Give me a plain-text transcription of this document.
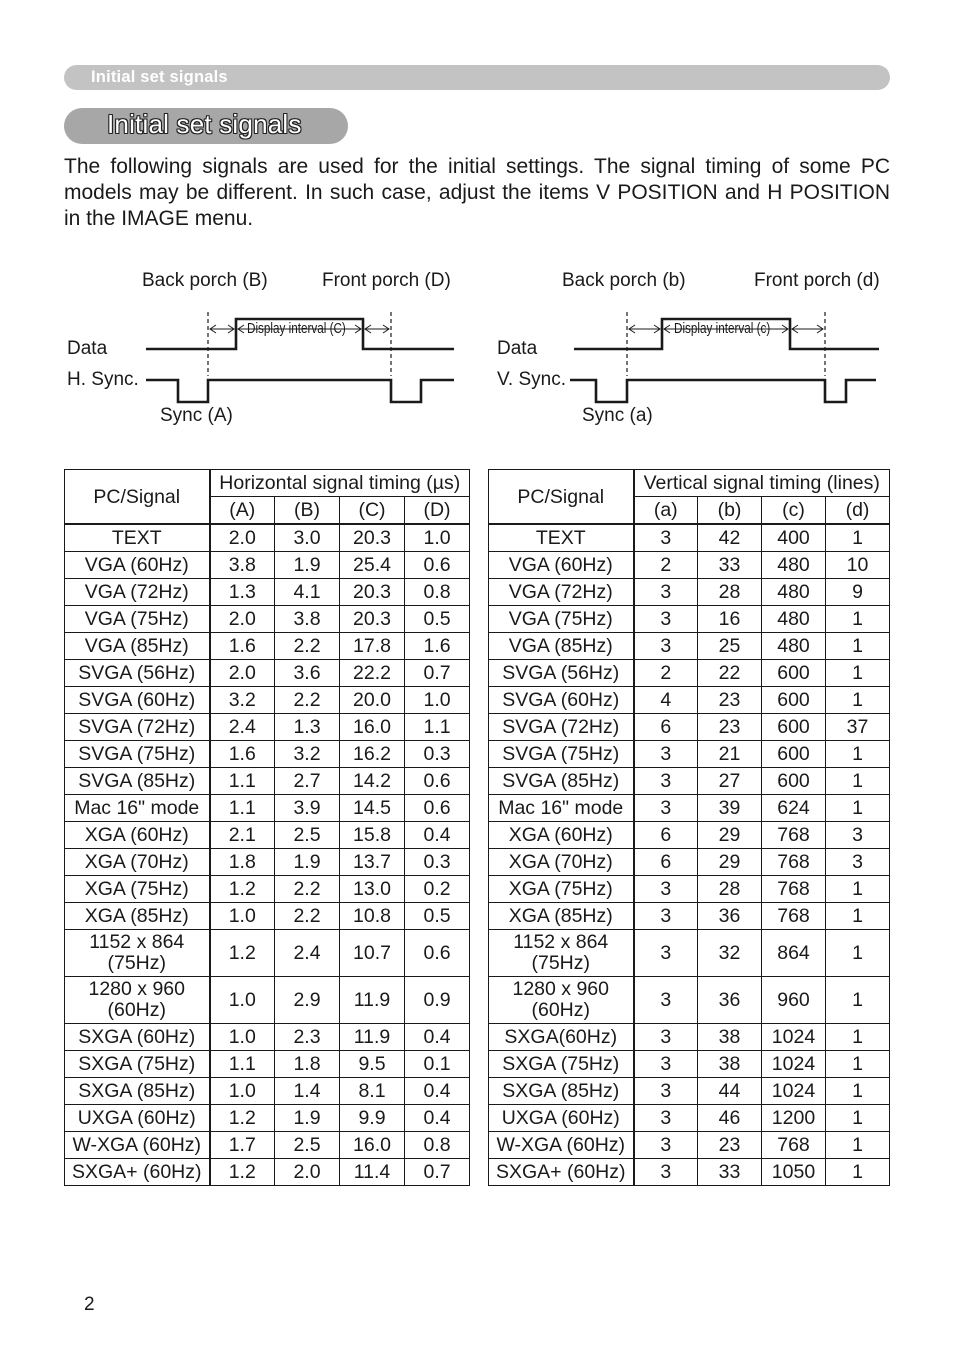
Initial set signals
Initial set signals

The following signals are used for the initial settings. The signal timing of some PC models may be different. In such case, adjust the items V POSITION and H POSITION in the IMAGE menu.

Back porch (B)	Front porch (D)
Display interval (C)
Data
H. Sync.
Sync (A)
Back porch (b)	Front porch (d)
Display interval (c)
Data
V. Sync.
Sync (a)
PC/Signal	Horizontal signal timing (µs)			
	(A)	(B)	(C)	(D)
TEXT	2.0	3.0	20.3	1.0
VGA (60Hz)	3.8	1.9	25.4	0.6
VGA (72Hz)	1.3	4.1	20.3	0.8
VGA (75Hz)	2.0	3.8	20.3	0.5
VGA (85Hz)	1.6	2.2	17.8	1.6
SVGA (56Hz)	2.0	3.6	22.2	0.7
SVGA (60Hz)	3.2	2.2	20.0	1.0
SVGA (72Hz)	2.4	1.3	16.0	1.1
SVGA (75Hz)	1.6	3.2	16.2	0.3
SVGA (85Hz)	1.1	2.7	14.2	0.6
Mac 16" mode	1.1	3.9	14.5	0.6
XGA (60Hz)	2.1	2.5	15.8	0.4
XGA (70Hz)	1.8	1.9	13.7	0.3
XGA (75Hz)	1.2	2.2	13.0	0.2
XGA (85Hz)	1.0	2.2	10.8	0.5
1152 x 864 (75Hz)	1.2	2.4	10.7	0.6
1280 x 960 (60Hz)	1.0	2.9	11.9	0.9
SXGA (60Hz)	1.0	2.3	11.9	0.4
SXGA (75Hz)	1.1	1.8	9.5	0.1
SXGA (85Hz)	1.0	1.4	8.1	0.4
UXGA (60Hz)	1.2	1.9	9.9	0.4
W-XGA (60Hz)	1.7	2.5	16.0	0.8
SXGA+ (60Hz)	1.2	2.0	11.4	0.7
PC/Signal	Vertical signal timing (lines)			
	(a)	(b)	(c)	(d)
TEXT	3	42	400	1
VGA (60Hz)	2	33	480	10
VGA (72Hz)	3	28	480	9
VGA (75Hz)	3	16	480	1
VGA (85Hz)	3	25	480	1
SVGA (56Hz)	2	22	600	1
SVGA (60Hz)	4	23	600	1
SVGA (72Hz)	6	23	600	37
SVGA (75Hz)	3	21	600	1
SVGA (85Hz)	3	27	600	1
Mac 16" mode	3	39	624	1
XGA (60Hz)	6	29	768	3
XGA (70Hz)	6	29	768	3
XGA (75Hz)	3	28	768	1
XGA (85Hz)	3	36	768	1
1152 x 864 (75Hz)	3	32	864	1
1280 x 960 (60Hz)	3	36	960	1
SXGA(60Hz)	3	38	1024	1
SXGA (75Hz)	3	38	1024	1
SXGA (85Hz)	3	44	1024	1
UXGA (60Hz)	3	46	1200	1
W-XGA (60Hz)	3	23	768	1
SXGA+ (60Hz)	3	33	1050	1
2
